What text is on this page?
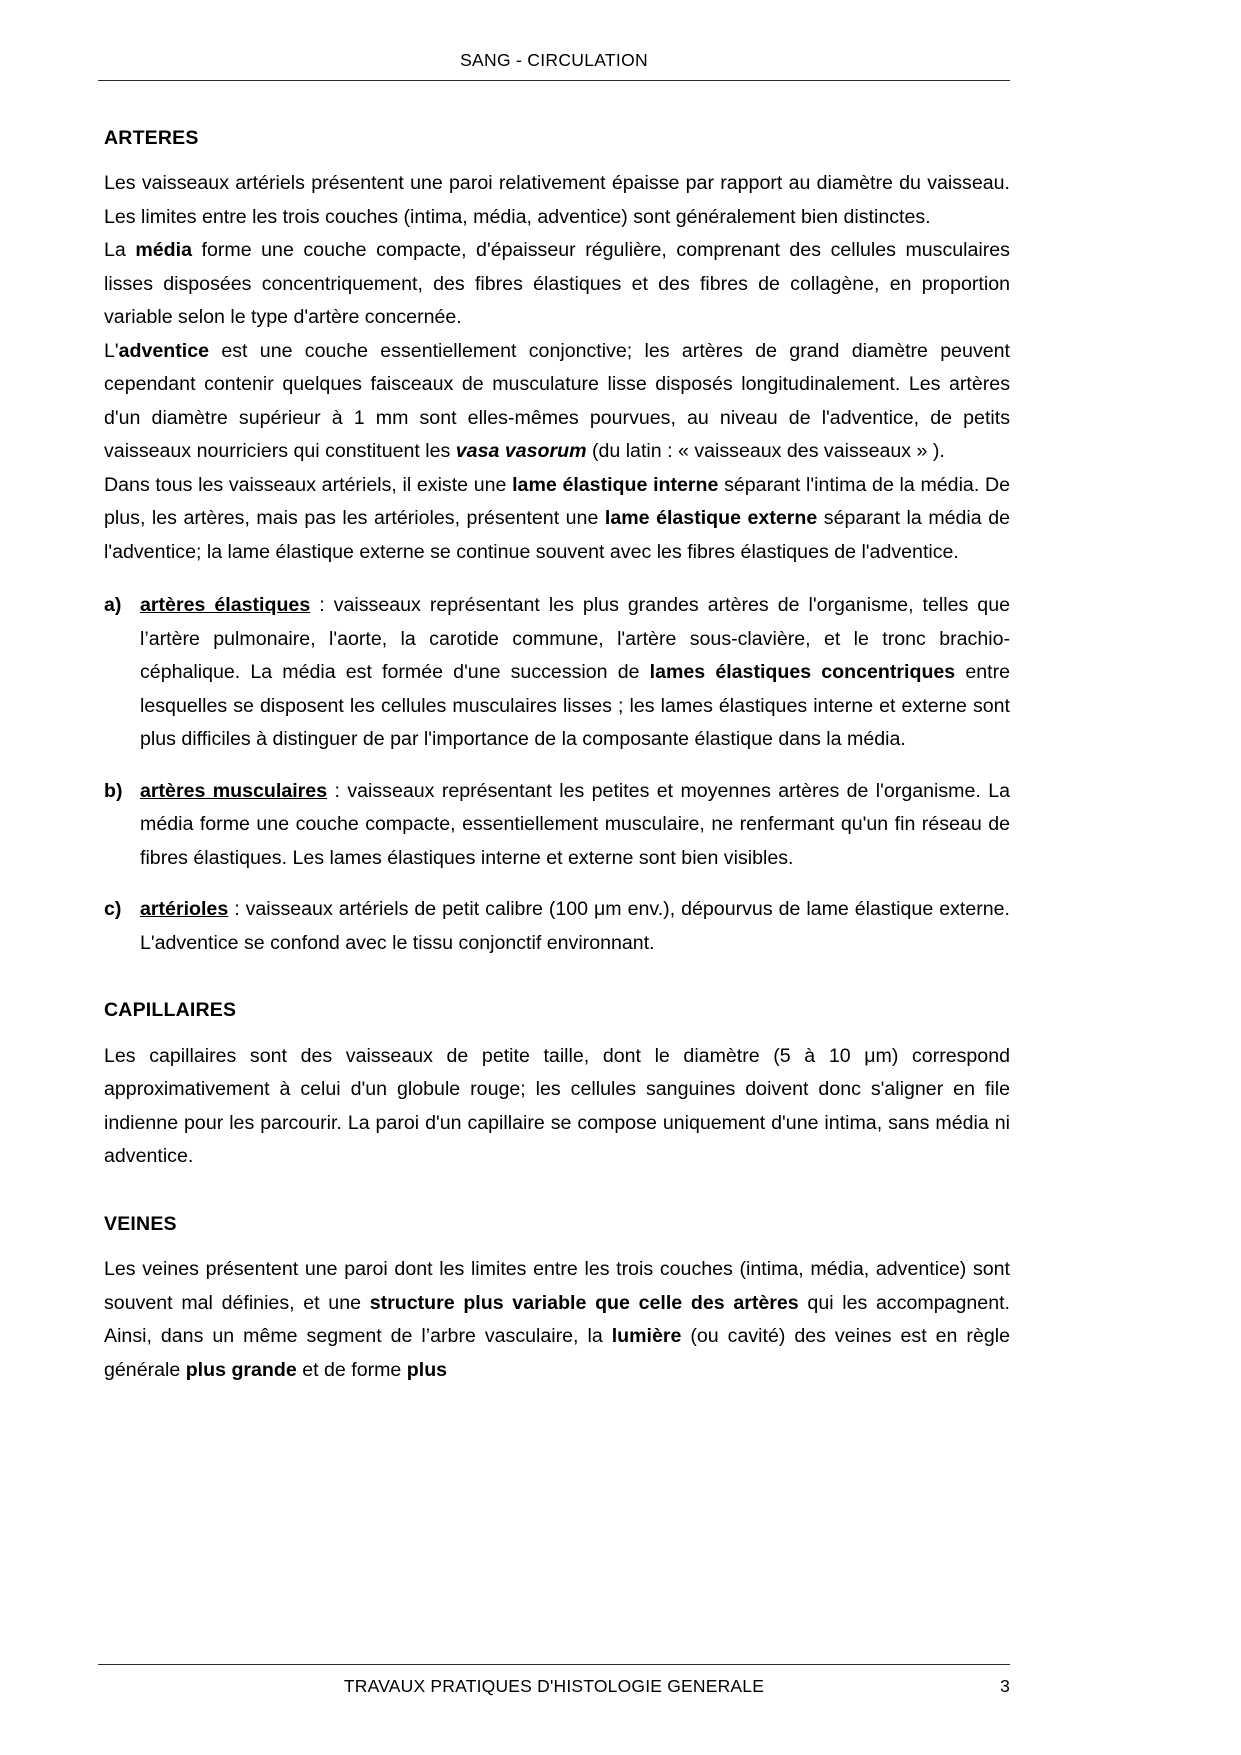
SANG - CIRCULATION
ARTERES

Les vaisseaux artériels présentent une paroi relativement épaisse par rapport au diamètre du vaisseau. Les limites entre les trois couches (intima, média, adventice) sont généralement bien distinctes.

La média forme une couche compacte, d'épaisseur régulière, comprenant des cellules musculaires lisses disposées concentriquement, des fibres élastiques et des fibres de collagène, en proportion variable selon le type d'artère concernée.

L'adventice est une couche essentiellement conjonctive; les artères de grand diamètre peuvent cependant contenir quelques faisceaux de musculature lisse disposés longitudinalement. Les artères d'un diamètre supérieur à 1 mm sont elles-mêmes pourvues, au niveau de l'adventice, de petits vaisseaux nourriciers qui constituent les vasa vasorum (du latin : « vaisseaux des vaisseaux » ).

Dans tous les vaisseaux artériels, il existe une lame élastique interne séparant l'intima de la média. De plus, les artères, mais pas les artérioles, présentent une lame élastique externe séparant la média de l'adventice; la lame élastique externe se continue souvent avec les fibres élastiques de l'adventice.

a) artères élastiques : vaisseaux représentant les plus grandes artères de l'organisme, telles que l’artère pulmonaire, l'aorte, la carotide commune, l'artère sous-clavière, et le tronc brachio-céphalique. La média est formée d'une succession de lames élastiques concentriques entre lesquelles se disposent les cellules musculaires lisses ; les lames élastiques interne et externe sont plus difficiles à distinguer de par l'importance de la composante élastique dans la média.
b) artères musculaires : vaisseaux représentant les petites et moyennes artères de l'organisme. La média forme une couche compacte, essentiellement musculaire, ne renfermant qu'un fin réseau de fibres élastiques. Les lames élastiques interne et externe sont bien visibles.
c) artérioles : vaisseaux artériels de petit calibre (100 μm env.), dépourvus de lame élastique externe. L'adventice se confond avec le tissu conjonctif environnant.
CAPILLAIRES

Les capillaires sont des vaisseaux de petite taille, dont le diamètre (5 à 10 μm) correspond approximativement à celui d'un globule rouge; les cellules sanguines doivent donc s'aligner en file indienne pour les parcourir. La paroi d'un capillaire se compose uniquement d'une intima, sans média ni adventice.

VEINES

Les veines présentent une paroi dont les limites entre les trois couches (intima, média, adventice) sont souvent mal définies, et une structure plus variable que celle des artères qui les accompagnent. Ainsi, dans un même segment de l’arbre vasculaire, la lumière (ou cavité) des veines est en règle générale plus grande et de forme plus

TRAVAUX PRATIQUES D'HISTOLOGIE GENERALE	3
